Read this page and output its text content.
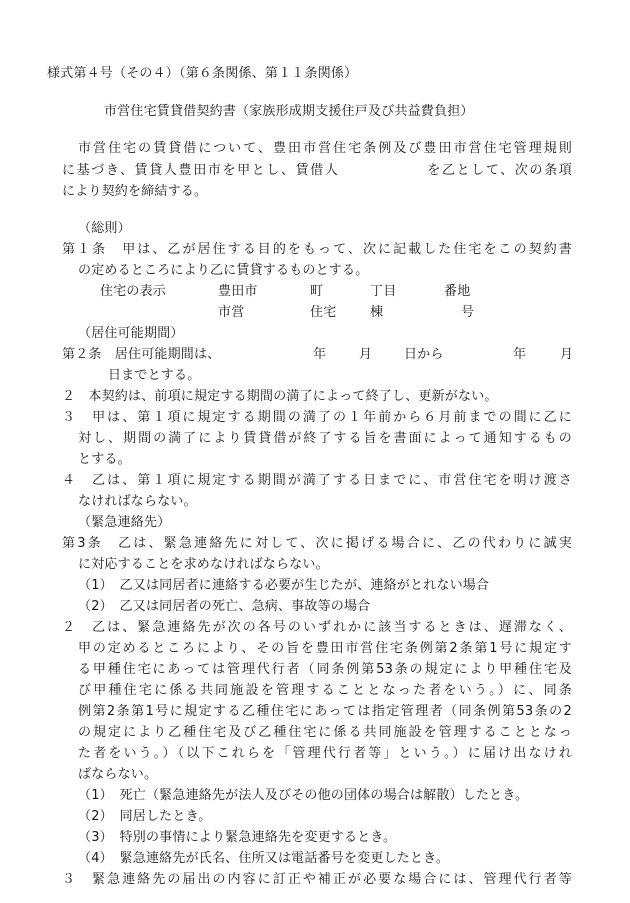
様式第４号（その４）（第６条関係、第１１条関係）
市営住宅賃貸借契約書（家族形成期支援住戸及び共益費負担）
市営住宅の賃貸借について、豊田市営住宅条例及び豊田市営住宅管理規則
に基づき、賃貸人豊田市を甲とし、賃借人　　　　　　を乙として、次の条項
により契約を締結する。
（総則）
第１条　甲は、乙が居住する目的をもって、次に記載した住宅をこの契約書
の定めるところにより乙に賃貸するものとする。
住宅の表示	豊田市	町	丁目	番地
市営	住宅	棟	号
（居住可能期間）
第２条　居住可能期間は、	年	月 日から	年	月
日までとする。
２　本契約は、前項に規定する期間の満了によって終了し、更新がない。
３　甲は、第１項に規定する期間の満了の１年前から６月前までの間に乙に
対し、期間の満了により賃貸借が終了する旨を書面によって通知するもの
とする。
４　乙は、第１項に規定する期間が満了する日までに、市営住宅を明け渡さ
なければならない。
（緊急連絡先）
第3条　乙は、緊急連絡先に対して、次に掲げる場合に、乙の代わりに誠実
に対応することを求めなければならない。
（1）　乙又は同居者に連絡する必要が生じたが、連絡がとれない場合
（2）　乙又は同居者の死亡、急病、事故等の場合
２　乙は、緊急連絡先が次の各号のいずれかに該当するときは、遅滞なく、
甲の定めるところにより、その旨を豊田市営住宅条例第2条第1号に規定す
る甲種住宅にあっては管理代行者（同条例第53条の規定により甲種住宅及
び甲種住宅に係る共同施設を管理することとなった者をいう。）に、同条
例第2条第1号に規定する乙種住宅にあっては指定管理者（同条例第53条の2
の規定により乙種住宅及び乙種住宅に係る共同施設を管理することとなっ
た者をいう。）（以下これらを「管理代行者等」という。）に届け出なけれ
ばならない。
（1）　死亡（緊急連絡先が法人及びその他の団体の場合は解散）したとき。
（2）　同居したとき。
（3）　特別の事情により緊急連絡先を変更するとき。
（4）　緊急連絡先が氏名、住所又は電話番号を変更したとき。
３　緊急連絡先の届出の内容に訂正や補正が必要な場合には、管理代行者等
